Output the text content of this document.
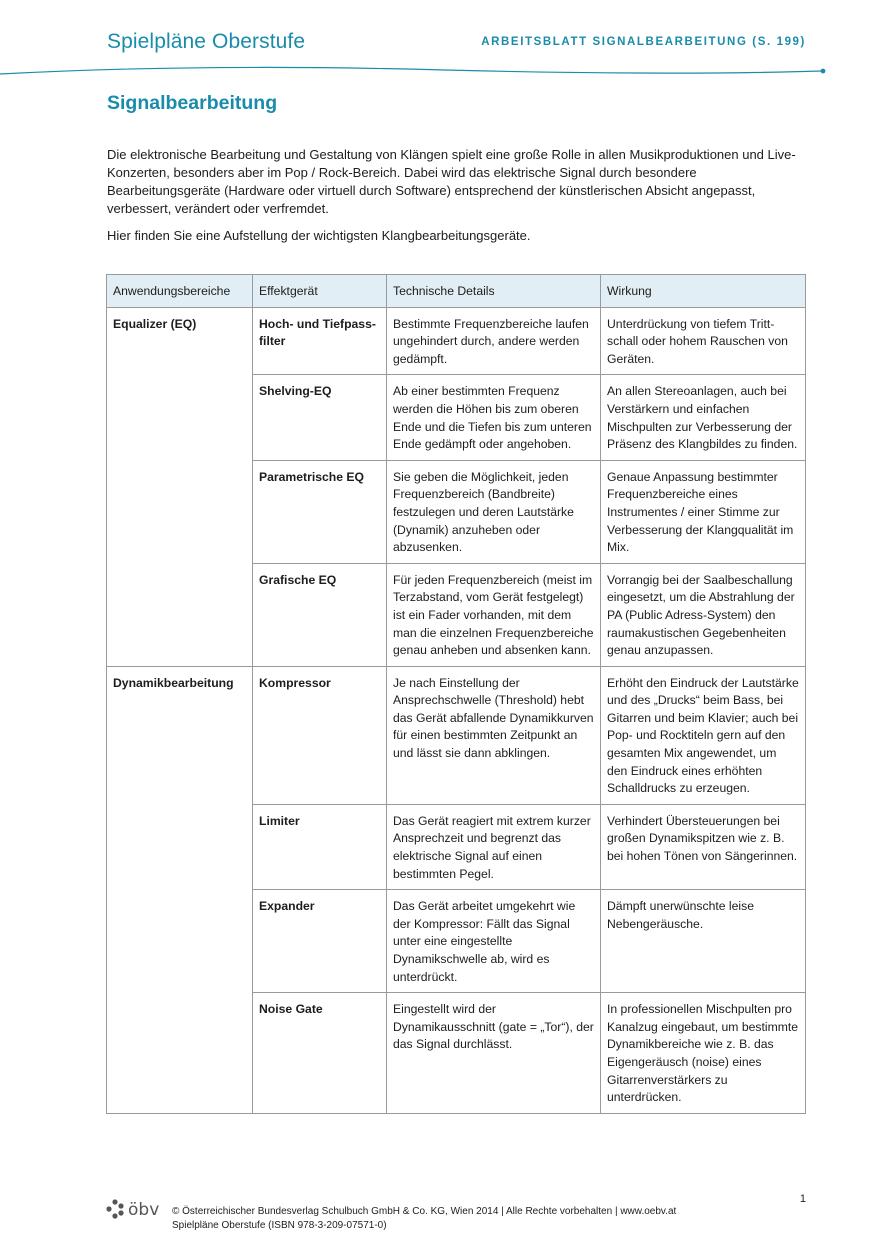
Spielpläne Oberstufe	ARBEITSBLATT SIGNALBEARBEITUNG (S. 199)
Signalbearbeitung

Die elektronische Bearbeitung und Gestaltung von Klängen spielt eine große Rolle in allen Musikproduktionen und Live-Konzerten, besonders aber im Pop / Rock-Bereich. Dabei wird das elektrische Signal durch besondere Bearbeitungsgeräte (Hardware oder virtuell durch Software) entsprechend der künstlerischen Absicht angepasst, verbessert, verändert oder verfremdet.

Hier finden Sie eine Aufstellung der wichtigsten Klangbearbeitungsgeräte.

Anwendungsbereiche	Effektgerät	Technische Details	Wirkung
Equalizer (EQ)	Hoch- und Tiefpass-filter	Bestimmte Frequenzbereiche laufen ungehindert durch, andere werden gedämpft.	Unterdrückung von tiefem Tritt-schall oder hohem Rauschen von Geräten.
	Shelving-EQ	Ab einer bestimmten Frequenz werden die Höhen bis zum oberen Ende und die Tiefen bis zum unteren Ende gedämpft oder angehoben.	An allen Stereoanlagen, auch bei Verstärkern und einfachen Mischpulten zur Verbesserung der Präsenz des Klangbildes zu finden.
	Parametrische EQ	Sie geben die Möglichkeit, jeden Frequenzbereich (Bandbreite) festzulegen und deren Lautstärke (Dynamik) anzuheben oder abzusenken.	Genaue Anpassung bestimmter Frequenzbereiche eines Instrumentes / einer Stimme zur Verbesserung der Klangqualität im Mix.
	Grafische EQ	Für jeden Frequenzbereich (meist im Terzabstand, vom Gerät festgelegt) ist ein Fader vorhanden, mit dem man die einzelnen Frequenzbereiche genau anheben und absenken kann.	Vorrangig bei der Saalbeschallung eingesetzt, um die Abstrahlung der PA (Public Adress-System) den raumakustischen Gegebenheiten genau anzupassen.
Dynamikbearbeitung	Kompressor	Je nach Einstellung der Ansprechschwelle (Threshold) hebt das Gerät abfallende Dynamikkurven für einen bestimmten Zeitpunkt an und lässt sie dann abklingen.	Erhöht den Eindruck der Lautstärke und des „Drucks“ beim Bass, bei Gitarren und beim Klavier; auch bei Pop- und Rocktiteln gern auf den gesamten Mix angewendet, um den Eindruck eines erhöhten Schalldrucks zu erzeugen.
	Limiter	Das Gerät reagiert mit extrem kurzer Ansprechzeit und begrenzt das elektrische Signal auf einen bestimmten Pegel.	Verhindert Übersteuerungen bei großen Dynamikspitzen wie z. B. bei hohen Tönen von Sängerinnen.
	Expander	Das Gerät arbeitet umgekehrt wie der Kompressor: Fällt das Signal unter eine eingestellte Dynamikschwelle ab, wird es unterdrückt.	Dämpft unerwünschte leise Nebengeräusche.
	Noise Gate	Eingestellt wird der Dynamikausschnitt (gate = „Tor“), der das Signal durchlässt.	In professionellen Mischpulten pro Kanalzug eingebaut, um bestimmte Dynamikbereiche wie z. B. das Eigengeräusch (noise) eines Gitarrenverstärkers zu unterdrücken.
öbv © Österreichischer Bundesverlag Schulbuch GmbH & Co. KG, Wien 2014 | Alle Rechte vorbehalten | www.oebv.at
Spielpläne Oberstufe (ISBN 978-3-209-07571-0)
1
